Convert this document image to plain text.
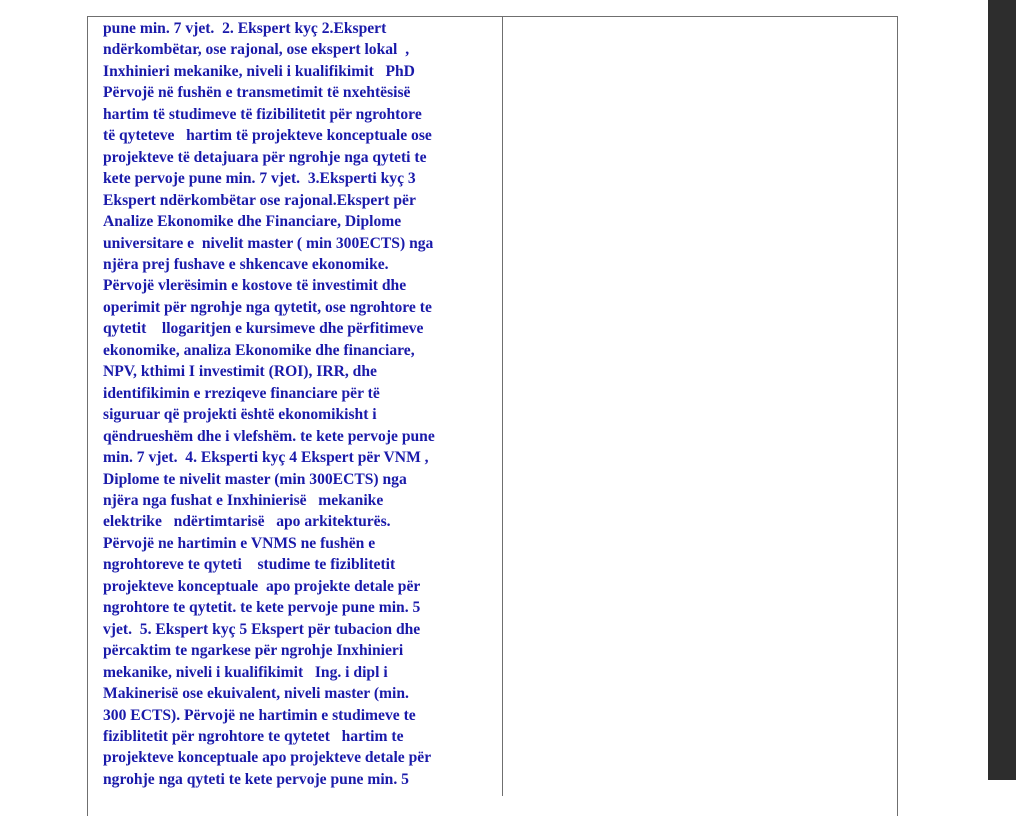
pune min. 7 vjet.  2. Ekspert kyç 2.Ekspert
ndërkombëtar, ose rajonal, ose ekspert lokal  ,
Inxhinieri mekanike, niveli i kualifikimit   PhD
Përvojë në fushën e transmetimit të nxehtësisë
hartim të studimeve të fizibilitetit për ngrohtore
të qyteteve   hartim të projekteve konceptuale ose
projekteve të detajuara për ngrohje nga qyteti te
kete pervoje pune min. 7 vjet.  3.Eksperti kyç 3
Ekspert ndërkombëtar ose rajonal.Ekspert për
Analize Ekonomike dhe Financiare, Diplome
universitare e  nivelit master ( min 300ECTS) nga
njëra prej fushave e shkencave ekonomike.
Përvojë vlerësimin e kostove të investimit dhe
operimit për ngrohje nga qytetit, ose ngrohtore te
qytetit    llogaritjen e kursimeve dhe përfitimeve
ekonomike, analiza Ekonomike dhe financiare,
NPV, kthimi I investimit (ROI), IRR, dhe
identifikimin e rreziqeve financiare për të
siguruar që projekti është ekonomikisht i
qëndrueshëm dhe i vlefshëm. te kete pervoje pune
min. 7 vjet.  4. Eksperti kyç 4 Ekspert për VNM ,
Diplome te nivelit master (min 300ECTS) nga
njëra nga fushat e Inxhinierisë   mekanike
elektrike   ndërtimtarisë   apo arkitekturës.
Përvojë ne hartimin e VNMS ne fushën e
ngrohtoreve te qyteti    studime te fiziblitetit
projekteve konceptuale  apo projekte detale për
ngrohtore te qytetit. te kete pervoje pune min. 5
vjet.  5. Ekspert kyç 5 Ekspert për tubacion dhe
përcaktim te ngarkese për ngrohje Inxhinieri
mekanike, niveli i kualifikimit   Ing. i dipl i
Makinerisë ose ekuivalent, niveli master (min.
300 ECTS). Përvojë ne hartimin e studimeve te
fiziblitetit për ngrohtore te qytetet   hartim te
projekteve konceptuale apo projekteve detale për
ngrohje nga qyteti te kete pervoje pune min. 5
